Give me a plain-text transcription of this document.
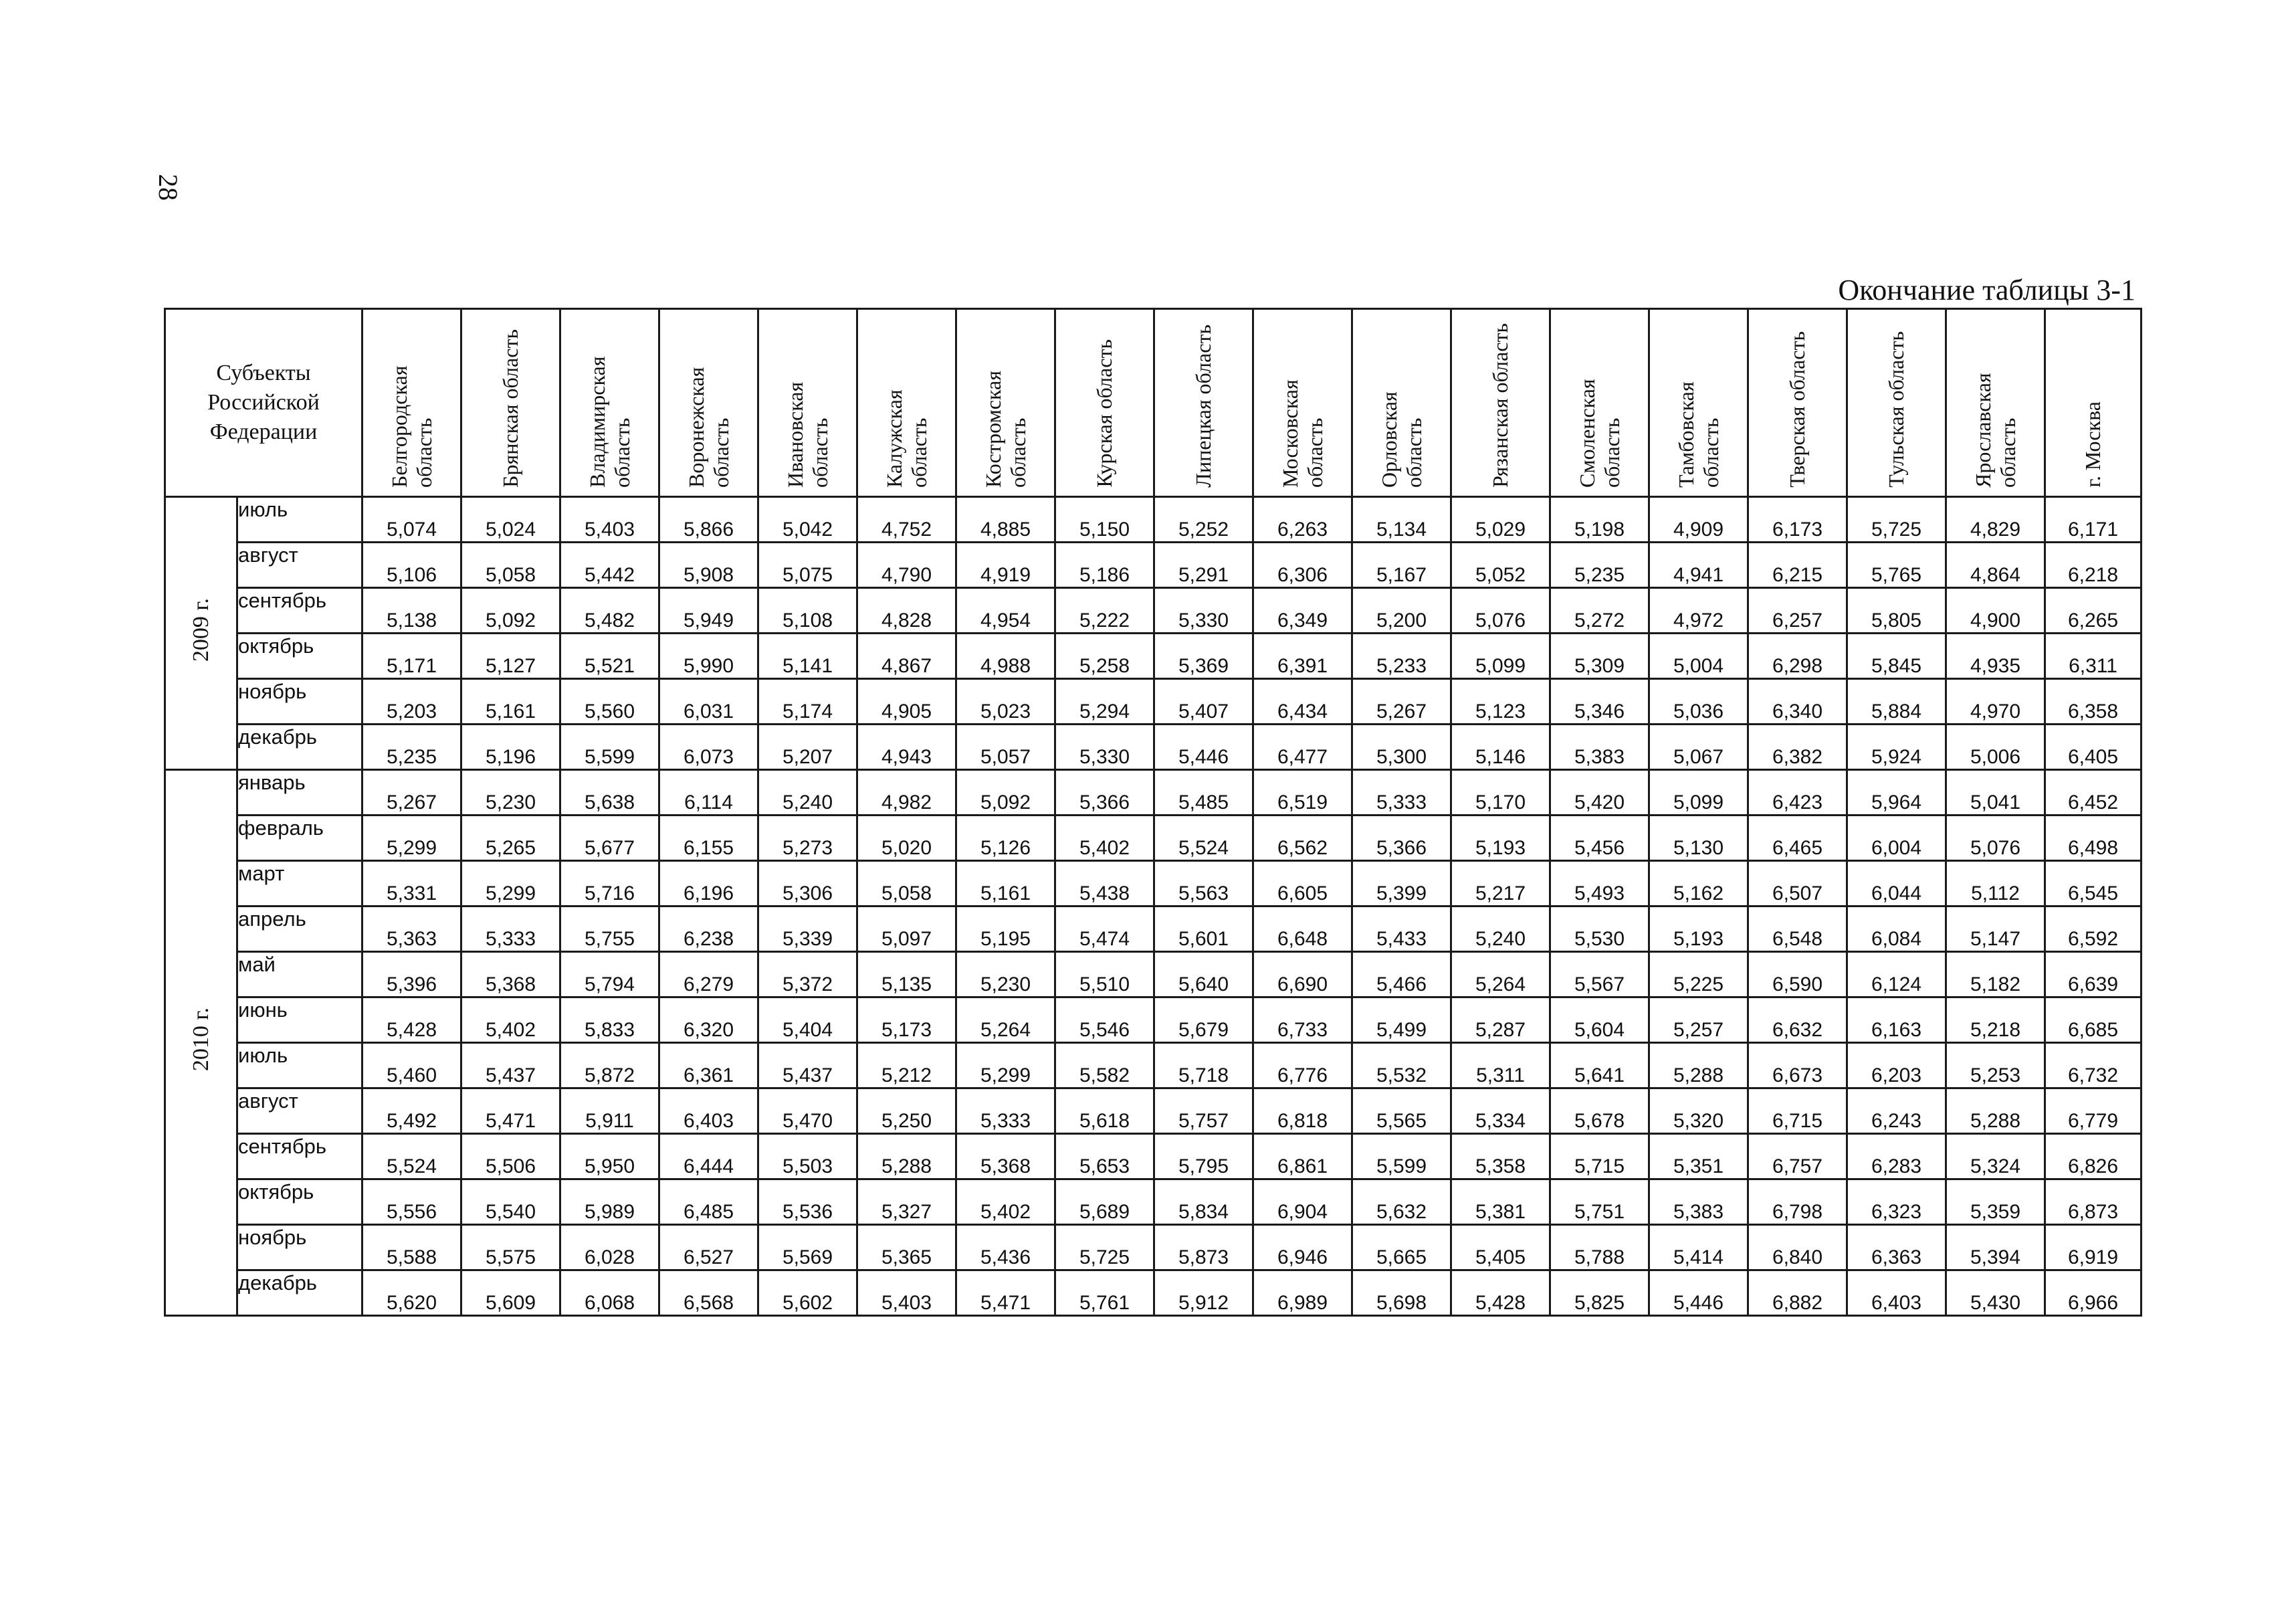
28
Окончание таблицы 3-1
Субъекты Российской Федерации		Белгородская область	Брянская область	Владимирская область	Воронежская область	Ивановская область	Калужская область	Костромская область	Курская область	Липецкая область	Московская область	Орловская область	Рязанская область	Смоленская область	Тамбовская область	Тверская область	Тульская область	Ярославская область	г. Москва

2009 г.	июль	5,074	5,024	5,403	5,866	5,042	4,752	4,885	5,150	5,252	6,263	5,134	5,029	5,198	4,909	6,173	5,725	4,829	6,171
	август	5,106	5,058	5,442	5,908	5,075	4,790	4,919	5,186	5,291	6,306	5,167	5,052	5,235	4,941	6,215	5,765	4,864	6,218
	сентябрь	5,138	5,092	5,482	5,949	5,108	4,828	4,954	5,222	5,330	6,349	5,200	5,076	5,272	4,972	6,257	5,805	4,900	6,265
	октябрь	5,171	5,127	5,521	5,990	5,141	4,867	4,988	5,258	5,369	6,391	5,233	5,099	5,309	5,004	6,298	5,845	4,935	6,311
	ноябрь	5,203	5,161	5,560	6,031	5,174	4,905	5,023	5,294	5,407	6,434	5,267	5,123	5,346	5,036	6,340	5,884	4,970	6,358
	декабрь	5,235	5,196	5,599	6,073	5,207	4,943	5,057	5,330	5,446	6,477	5,300	5,146	5,383	5,067	6,382	5,924	5,006	6,405
2010 г.	январь	5,267	5,230	5,638	6,114	5,240	4,982	5,092	5,366	5,485	6,519	5,333	5,170	5,420	5,099	6,423	5,964	5,041	6,452
	февраль	5,299	5,265	5,677	6,155	5,273	5,020	5,126	5,402	5,524	6,562	5,366	5,193	5,456	5,130	6,465	6,004	5,076	6,498
	март	5,331	5,299	5,716	6,196	5,306	5,058	5,161	5,438	5,563	6,605	5,399	5,217	5,493	5,162	6,507	6,044	5,112	6,545
	апрель	5,363	5,333	5,755	6,238	5,339	5,097	5,195	5,474	5,601	6,648	5,433	5,240	5,530	5,193	6,548	6,084	5,147	6,592
	май	5,396	5,368	5,794	6,279	5,372	5,135	5,230	5,510	5,640	6,690	5,466	5,264	5,567	5,225	6,590	6,124	5,182	6,639
	июнь	5,428	5,402	5,833	6,320	5,404	5,173	5,264	5,546	5,679	6,733	5,499	5,287	5,604	5,257	6,632	6,163	5,218	6,685
	июль	5,460	5,437	5,872	6,361	5,437	5,212	5,299	5,582	5,718	6,776	5,532	5,311	5,641	5,288	6,673	6,203	5,253	6,732
	август	5,492	5,471	5,911	6,403	5,470	5,250	5,333	5,618	5,757	6,818	5,565	5,334	5,678	5,320	6,715	6,243	5,288	6,779
	сентябрь	5,524	5,506	5,950	6,444	5,503	5,288	5,368	5,653	5,795	6,861	5,599	5,358	5,715	5,351	6,757	6,283	5,324	6,826
	октябрь	5,556	5,540	5,989	6,485	5,536	5,327	5,402	5,689	5,834	6,904	5,632	5,381	5,751	5,383	6,798	6,323	5,359	6,873
	ноябрь	5,588	5,575	6,028	6,527	5,569	5,365	5,436	5,725	5,873	6,946	5,665	5,405	5,788	5,414	6,840	6,363	5,394	6,919
	декабрь	5,620	5,609	6,068	6,568	5,602	5,403	5,471	5,761	5,912	6,989	5,698	5,428	5,825	5,446	6,882	6,403	5,430	6,966
